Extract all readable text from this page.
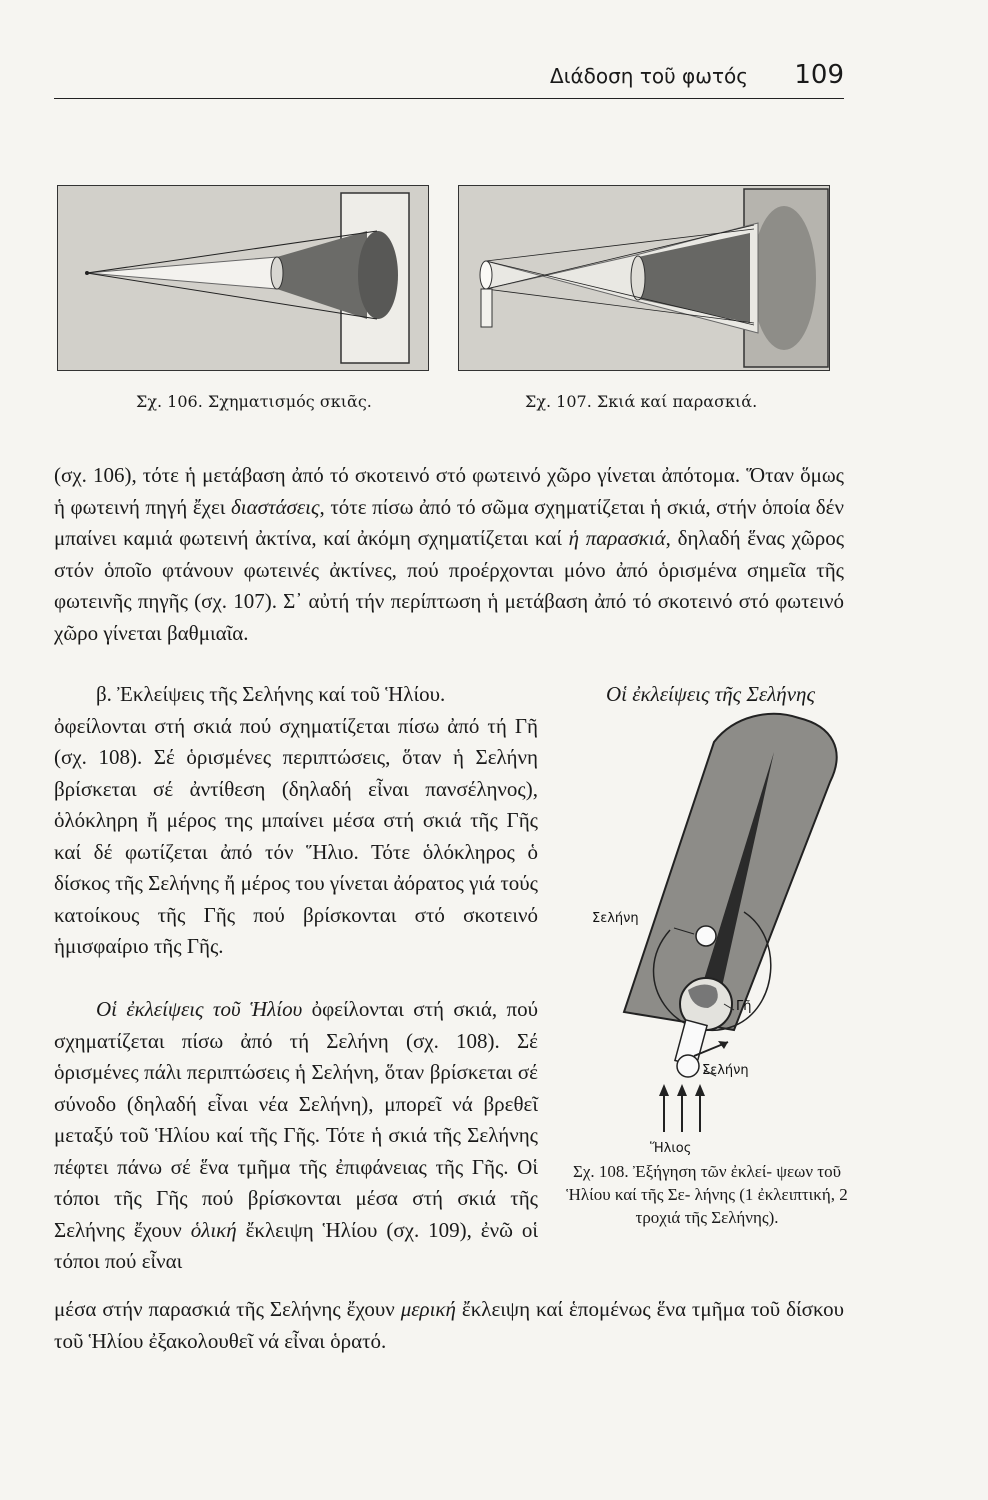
Διάδοση τοῦ φωτός 109
Σχ. 106. Σχηματισμός σκιᾶς.	Σχ. 107. Σκιά καί παρασκιά.

(σχ. 106), τότε ἡ μετάβαση ἀπό τό σκοτεινό στό φωτεινό χῶρο γίνεται ἀπότομα. Ὅταν ὅμως ἡ φωτεινή πηγή ἔχει διαστάσεις, τότε πίσω ἀπό τό σῶμα σχηματίζεται ἡ σκιά, στήν ὁποία δέν μπαίνει καμιά φωτεινή ἀκτίνα, καί ἀκόμη σχηματίζεται καί ἡ παρασκιά, δηλαδή ἕνας χῶρος στόν ὁποῖο φτάνουν φωτεινές ἀκτίνες, πού προέρχονται μόνο ἀπό ὁρισμένα σημεῖα τῆς φωτεινῆς πηγῆς (σχ. 107). Σ᾽ αὐτή τήν περίπτωση ἡ μετάβαση ἀπό τό σκοτεινό στό φωτεινό χῶρο γίνεται βαθμιαῖα.

β. Ἐκλείψεις τῆς Σελήνης καί τοῦ Ἡλίου.	Οἱ ἐκλείψεις τῆς Σελήνης

ὀφείλονται στή σκιά πού σχηματίζεται πίσω ἀπό τή Γῆ (σχ. 108). Σέ ὁρισμένες περιπτώσεις, ὅταν ἡ Σελήνη βρίσκεται σέ ἀντίθεση (δηλαδή εἶναι πανσέληνος), ὁλόκληρη ἤ μέρος της μπαίνει μέσα στή σκιά τῆς Γῆς καί δέ φωτίζεται ἀπό τόν Ἥλιο. Τότε ὁλόκληρος ὁ δίσκος τῆς Σελήνης ἤ μέρος του γίνεται ἀόρατος γιά τούς κατοίκους τῆς Γῆς πού βρίσκονται στό σκοτεινό ἡμισφαίριο τῆς Γῆς.

Οἱ ἐκλείψεις τοῦ Ἡλίου ὀφείλονται στή σκιά, πού σχηματίζεται πίσω ἀπό τή Σελήνη (σχ. 108). Σέ ὁρισμένες πάλι περιπτώσεις ἡ Σελήνη, ὅταν βρίσκεται σέ σύνοδο (δηλαδή εἶναι νέα Σελήνη), μπορεῖ νά βρεθεῖ μεταξύ τοῦ Ἡλίου καί τῆς Γῆς. Τότε ἡ σκιά τῆς Σελήνης πέφτει πάνω σέ ἕνα τμῆμα τῆς ἐπιφάνειας τῆς Γῆς. Οἱ τόποι τῆς Γῆς πού βρίσκονται μέσα στή σκιά τῆς Σελήνης ἔχουν ὁλική ἔκλειψη Ἡλίου (σχ. 109), ἐνῶ οἱ τόποι πού εἶναι

μέσα στήν παρασκιά τῆς Σελήνης ἔχουν μερική ἔκλειψη καί ἑπομένως ἕνα τμῆμα τοῦ δίσκου τοῦ Ἡλίου ἐξακολουθεῖ νά εἶναι ὁρατό.

Σελήνη
Γῆ
Σελήνη
Ἥλιος

Σχ. 108. Ἐξήγηση τῶν ἐκλεί- ψεων τοῦ Ἡλίου καί τῆς Σε- λήνης (1 ἐκλειπτική, 2 τροχιά τῆς Σελήνης).
